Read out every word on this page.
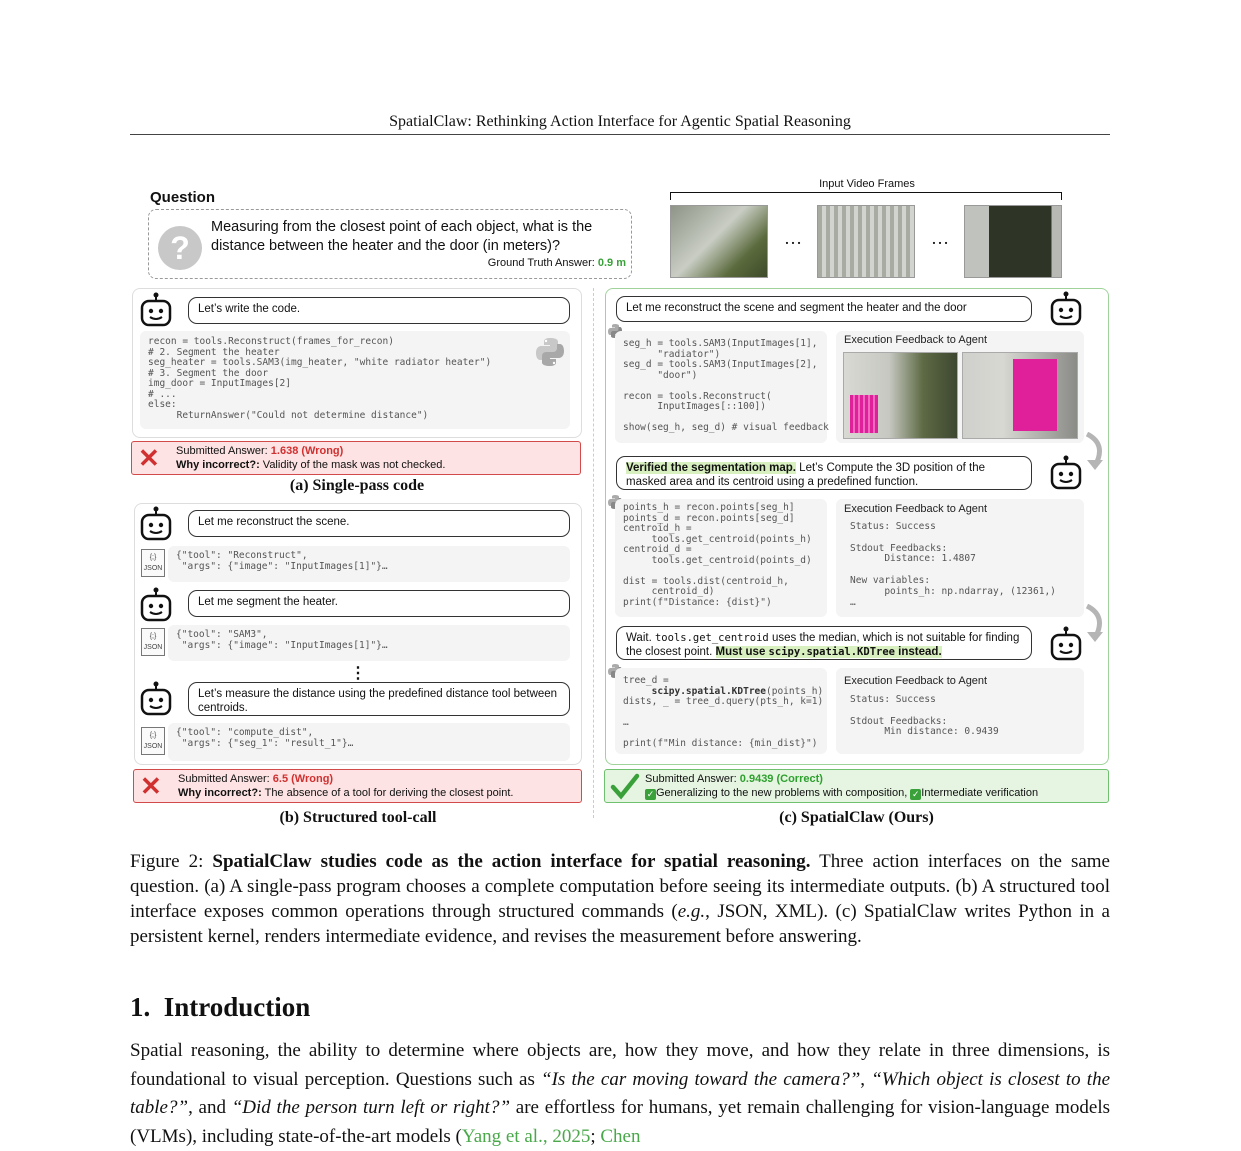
SpatialClaw: Rethinking Action Interface for Agentic Spatial Reasoning
Question
?
Measuring from the closest point of each object, what is the distance between the heater and the door (in meters)?
Ground Truth Answer: 0.9 m
Input Video Frames
…	…
Let’s write the code.
recon = tools.Reconstruct(frames_for_recon)
# 2. Segment the heater
seg_heater = tools.SAM3(img_heater, "white radiator heater")
# 3. Segment the door
img_door = InputImages[2]
# ...
else:
ReturnAnswer("Could not determine distance")
✕ Submitted Answer: 1.638 (Wrong)
Why incorrect?: Validity of the mask was not checked.
(a) Single-pass code
Let me reconstruct the scene.
{;}
JSON
{"tool": "Reconstruct",
"args": {"image": "InputImages[1]"}…
Let me segment the heater.
{;}
JSON
{"tool": "SAM3",
"args": {"image": "InputImages[1]"}…
⋮
Let’s measure the distance using the predefined distance tool between centroids.
{;}
JSON
{"tool": "compute_dist",
"args": {"seg_1": "result_1"}…
✕ Submitted Answer: 6.5 (Wrong)
Why incorrect?: The absence of a tool for deriving the closest point.
(b) Structured tool-call
Let me reconstruct the scene and segment the heater and the door
seg_h = tools.SAM3(InputImages[1],
"radiator")
seg_d = tools.SAM3(InputImages[2],
"door")

recon = tools.Reconstruct(
InputImages[::100])

show(seg_h, seg_d) # visual feedback
Execution Feedback to Agent
Verified the segmentation map. Let’s Compute the 3D position of the masked area and its centroid using a predefined function.
points_h = recon.points[seg_h]
points_d = recon.points[seg_d]
centroid_h =
tools.get_centroid(points_h)
centroid_d =
tools.get_centroid(points_d)

dist = tools.dist(centroid_h,
centroid_d)
print(f"Distance: {dist}")
Execution Feedback to Agent
Status: Success

Stdout Feedbacks:
Distance: 1.4807

New variables:
points_h: np.ndarray, (12361,)
…
Wait. tools.get_centroid uses the median, which is not suitable for finding the closest point. Must use scipy.spatial.KDTree instead.
tree_d =
scipy.spatial.KDTree(points_h)
dists, _ = tree_d.query(pts_h, k=1)

…

print(f"Min distance: {min_dist}")
Execution Feedback to Agent
Status: Success

Stdout Feedbacks:
Min distance: 0.9439
Submitted Answer: 0.9439 (Correct)
✓ Generalizing to the new problems with composition, ✓ Intermediate verification
(c) SpatialClaw (Ours)
Figure 2: SpatialClaw studies code as the action interface for spatial reasoning. Three action interfaces on the same question. (a) A single-pass program chooses a complete computation before seeing its intermediate outputs. (b) A structured tool interface exposes common operations through structured commands (e.g., JSON, XML). (c) SpatialClaw writes Python in a persistent kernel, renders intermediate evidence, and revises the measurement before answering.
1. Introduction
Spatial reasoning, the ability to determine where objects are, how they move, and how they relate in three dimensions, is foundational to visual perception. Questions such as “Is the car moving toward the camera?”, “Which object is closest to the table?”, and “Did the person turn left or right?” are effortless for humans, yet remain challenging for vision-language models (VLMs), including state-of-the-art models (Yang et al., 2025; Chen
